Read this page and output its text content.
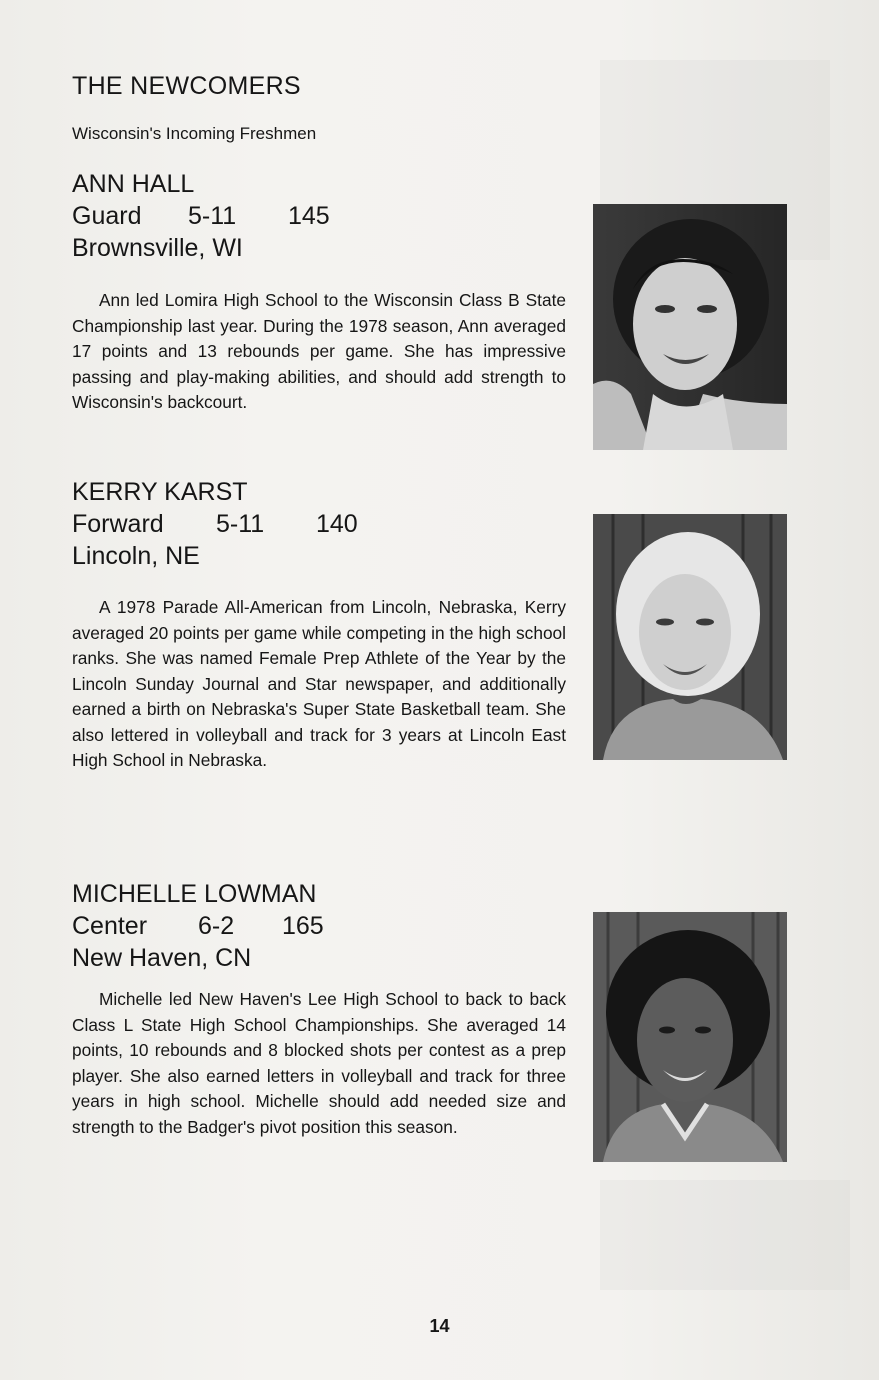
THE NEWCOMERS

Wisconsin's Incoming Freshmen

ANN HALL

Guard 5-11 145

Brownsville, WI

Ann led Lomira High School to the Wisconsin Class B State Championship last year. During the 1978 season, Ann averaged 17 points and 13 rebounds per game. She has impressive passing and play-making abilities, and should add strength to Wisconsin's backcourt.

KERRY KARST

Forward 5-11 140

Lincoln, NE

A 1978 Parade All-American from Lincoln, Nebraska, Kerry averaged 20 points per game while competing in the high school ranks. She was named Female Prep Athlete of the Year by the Lincoln Sunday Journal and Star newspaper, and additionally earned a birth on Nebraska's Super State Basketball team. She also lettered in volleyball and track for 3 years at Lincoln East High School in Nebraska.

MICHELLE LOWMAN

Center 6-2 165

New Haven, CN

Michelle led New Haven's Lee High School to back to back Class L State High School Championships. She averaged 14 points, 10 rebounds and 8 blocked shots per contest as a prep player. She also earned letters in volleyball and track for three years in high school. Michelle should add needed size and strength to the Badger's pivot position this season.

14
